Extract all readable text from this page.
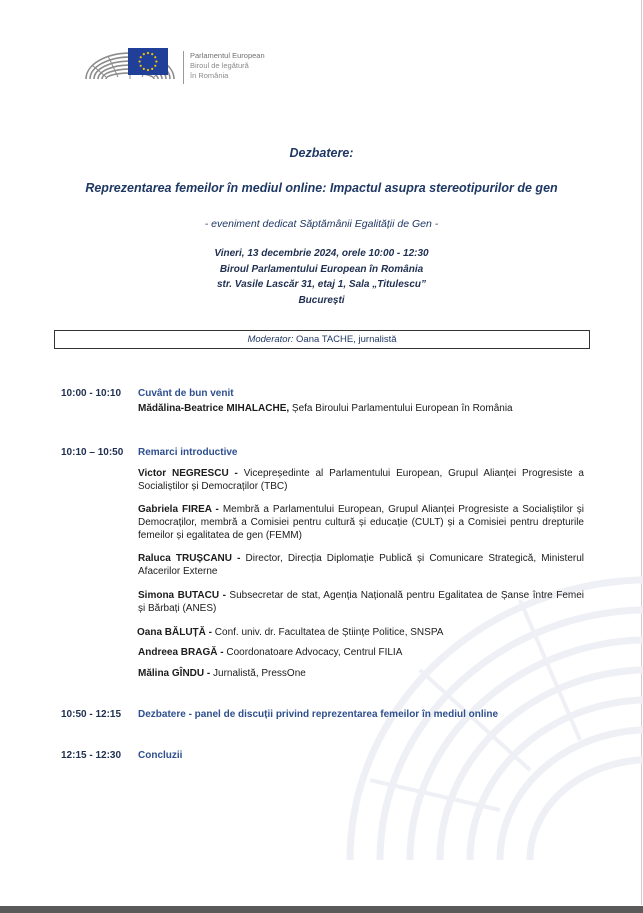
Parlamentul European
Biroul de legătură
în România
Dezbatere:
Reprezentarea femeilor în mediul online: Impactul asupra stereotipurilor de gen
- eveniment dedicat Săptămânii Egalității de Gen -
Vineri, 13 decembrie 2024, orele 10:00 - 12:30
Biroul Parlamentului European în România
str. Vasile Lascăr 31, etaj 1, Sala „Titulescu”
București
Moderator: Oana TACHE, jurnalistă
10:00 - 10:10 Cuvânt de bun venit
Mădălina-Beatrice MIHALACHE, Șefa Biroului Parlamentului European în România
10:10 – 10:50 Remarci introductive
Victor NEGRESCU - Vicepreședinte al Parlamentului European, Grupul Alianței Progresiste a Socialiștilor și Democraților (TBC)
Gabriela FIREA - Membră a Parlamentului European, Grupul Alianței Progresiste a Socialiștilor și Democraților, membră a Comisiei pentru cultură și educație (CULT) și a Comisiei pentru drepturile femeilor și egalitatea de gen (FEMM)
Raluca TRUȘCANU - Director, Direcția Diplomație Publică și Comunicare Strategică, Ministerul Afacerilor Externe
Simona BUTACU - Subsecretar de stat, Agenția Națională pentru Egalitatea de Șanse între Femei și Bărbați (ANES)
Oana BĂLUȚĂ - Conf. univ. dr. Facultatea de Științe Politice, SNSPA
Andreea BRAGĂ - Coordonatoare Advocacy, Centrul FILIA
Mălina GÎNDU - Jurnalistă, PressOne
10:50 - 12:15 Dezbatere - panel de discuții privind reprezentarea femeilor în mediul online
12:15 - 12:30 Concluzii
